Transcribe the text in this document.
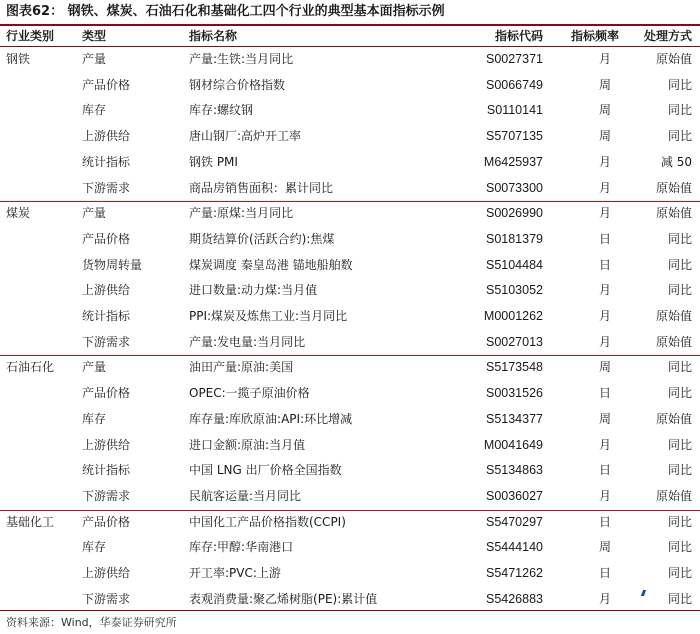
图表62： 钢铁、煤炭、石油石化和基础化工四个行业的典型基本面指标示例
行业类别 类型	指标名称	指标代码	指标频率	处理方式
钢铁	产量	产量:生铁:当月同比	S0027371	月	原始值
产品价格	钢材综合价格指数	S0066749	周	同比
库存	库存:螺纹钢	S0110141	周	同比
上游供给	唐山钢厂:高炉开工率	S5707135	周	同比
统计指标	钢铁 PMI	M6425937	月	减 50
下游需求	商品房销售面积：累计同比	S0073300	月	原始值
煤炭	产量	产量:原煤:当月同比	S0026990	月	原始值
产品价格	期货结算价(活跃合约):焦煤	S0181379	日	同比
货物周转量	煤炭调度 秦皇岛港 锚地船舶数	S5104484	日	同比
上游供给	进口数量:动力煤:当月值	S5103052	月	同比
统计指标	PPI:煤炭及炼焦工业:当月同比	M0001262	月	原始值
下游需求	产量:发电量:当月同比	S0027013	月	原始值
石油石化 产量	油田产量:原油:美国	S5173548	周	同比
产品价格	OPEC:一揽子原油价格	S0031526	日	同比
库存	库存量:库欣原油:API:环比增减	S5134377	周	原始值
上游供给	进口金额:原油:当月值	M0041649	月	同比
统计指标	中国 LNG 出厂价格全国指数	S5134863	日	同比
下游需求	民航客运量:当月同比	S0036027	月	原始值
基础化工 产品价格	中国化工产品价格指数(CCPI)	S5470297	日	同比
库存	库存:甲醇:华南港口	S5444140	周	同比
上游供给	开工率:PVC:上游	S5471262	日	同比
下游需求	表观消费量:聚乙烯树脂(PE):累计值	S5426883	月	同比
资料来源：Wind，华泰证券研究所
